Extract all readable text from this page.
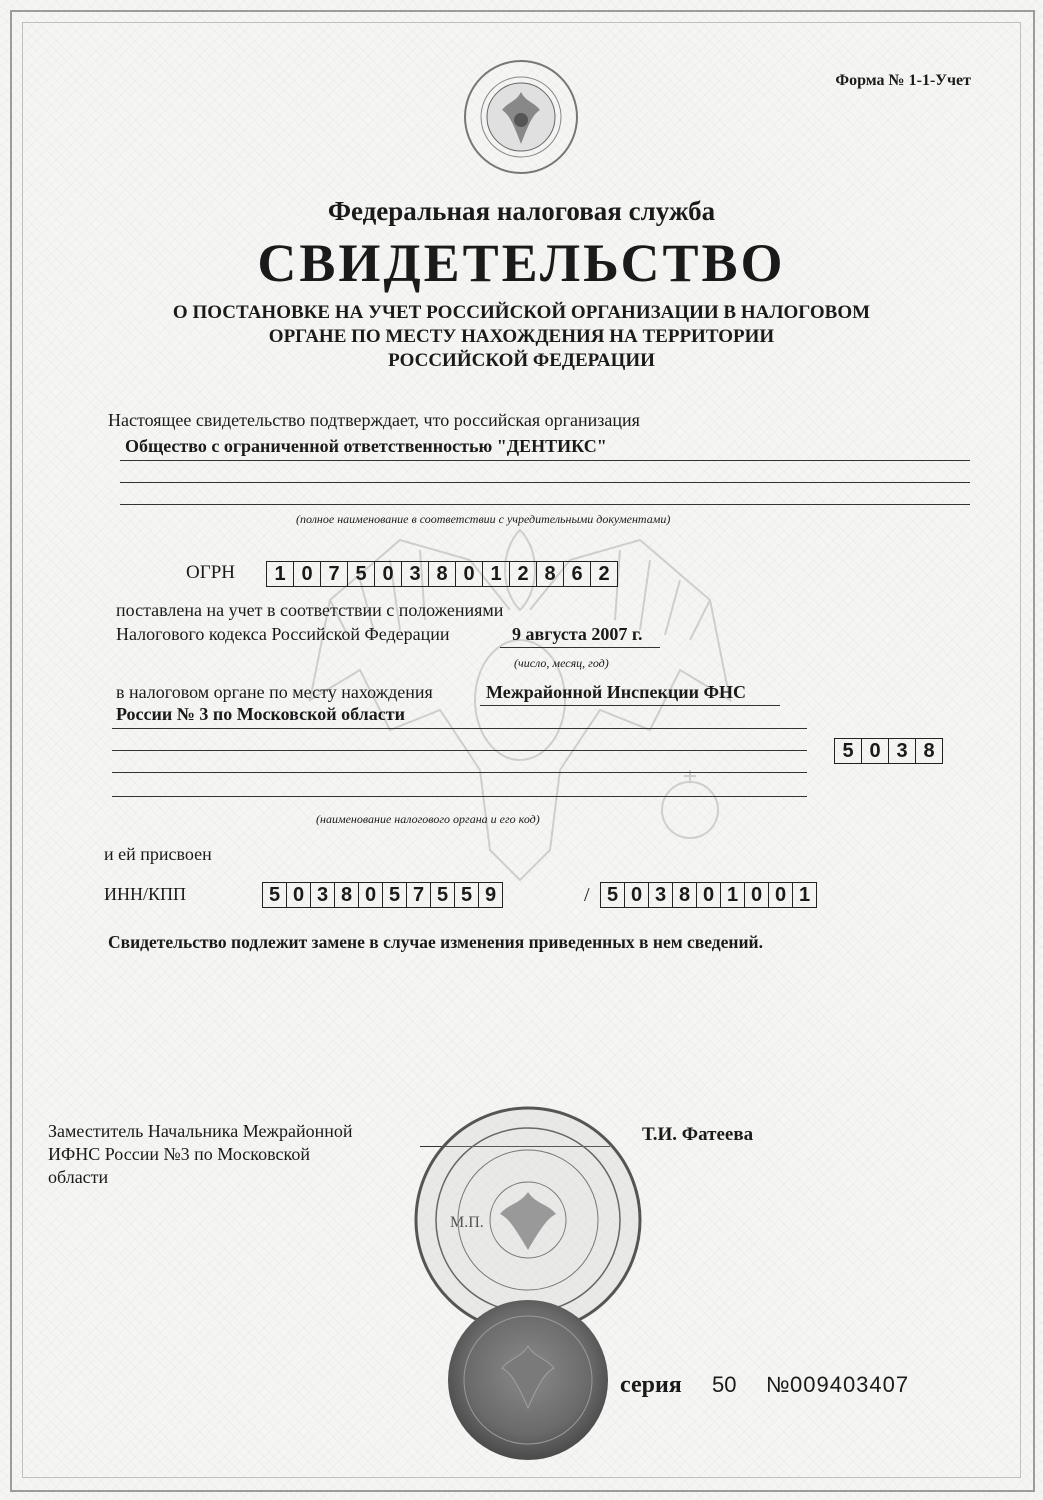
Форма № 1-1-Учет
Федеральная налоговая служба
СВИДЕТЕЛЬСТВО
О ПОСТАНОВКЕ НА УЧЕТ РОССИЙСКОЙ ОРГАНИЗАЦИИ В НАЛОГОВОМ
ОРГАНЕ ПО МЕСТУ НАХОЖДЕНИЯ НА ТЕРРИТОРИИ
РОССИЙСКОЙ ФЕДЕРАЦИИ
Настоящее свидетельство подтверждает, что российская организация
Общество с ограниченной ответственностью "ДЕНТИКС"
(полное наименование в соответствии с учредительными документами)
ОГРН	1 0 7 5 0 3 8 0 1 2 8 6 2
поставлена на учет в соответствии с положениями
Налогового кодекса Российской Федерации	9 августа 2007 г.
(число, месяц, год)
в налоговом органе по месту нахождения	Межрайонной Инспекции ФНС
России № 3 по Московской области
5 0 3 8
(наименование налогового органа и его код)
и ей присвоен
ИНН/КПП	5 0 3 8 0 5 7 5 5 9	/ 5 0 3 8 0 1 0 0 1
Свидетельство подлежит замене в случае изменения приведенных в нем сведений.
Заместитель Начальника Межрайонной
ИФНС России №3 по Московской
области
Т.И. Фатеева
М.П.
серия 50 № 009403407
